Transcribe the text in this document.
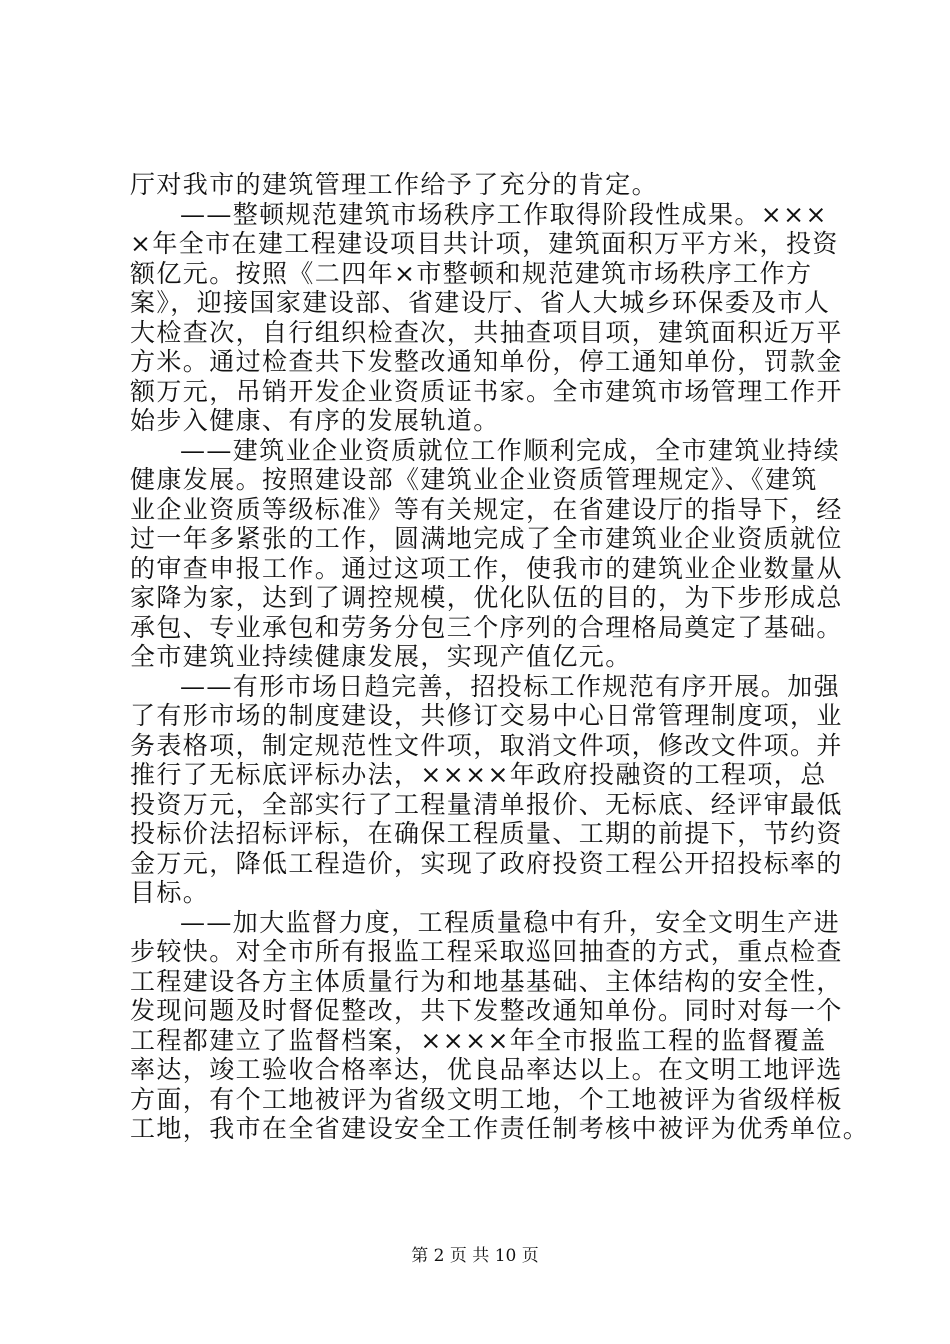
厅对我市的建筑管理工作给予了充分的肯定。
——整顿规范建筑市场秩序工作取得阶段性成果。×××
×年全市在建工程建设项目共计项，建筑面积万平方米，投资
额亿元。按照《二四年×市整顿和规范建筑市场秩序工作方
案》，迎接国家建设部、省建设厅、省人大城乡环保委及市人
大检查次，自行组织检查次，共抽查项目项，建筑面积近万平
方米。通过检查共下发整改通知单份，停工通知单份，罚款金
额万元，吊销开发企业资质证书家。全市建筑市场管理工作开
始步入健康、有序的发展轨道。
——建筑业企业资质就位工作顺利完成，全市建筑业持续
健康发展。按照建设部《建筑业企业资质管理规定》、《建筑
业企业资质等级标准》等有关规定，在省建设厅的指导下，经
过一年多紧张的工作，圆满地完成了全市建筑业企业资质就位
的审查申报工作。通过这项工作，使我市的建筑业企业数量从
家降为家，达到了调控规模，优化队伍的目的，为下步形成总
承包、专业承包和劳务分包三个序列的合理格局奠定了基础。
全市建筑业持续健康发展，实现产值亿元。
——有形市场日趋完善，招投标工作规范有序开展。加强
了有形市场的制度建设，共修订交易中心日常管理制度项，业
务表格项，制定规范性文件项，取消文件项，修改文件项。并
推行了无标底评标办法，××××年政府投融资的工程项，总
投资万元，全部实行了工程量清单报价、无标底、经评审最低
投标价法招标评标，在确保工程质量、工期的前提下，节约资
金万元，降低工程造价，实现了政府投资工程公开招投标率的
目标。
——加大监督力度，工程质量稳中有升，安全文明生产进
步较快。对全市所有报监工程采取巡回抽查的方式，重点检查
工程建设各方主体质量行为和地基基础、主体结构的安全性，
发现问题及时督促整改，共下发整改通知单份。同时对每一个
工程都建立了监督档案，××××年全市报监工程的监督覆盖
率达，竣工验收合格率达，优良品率达以上。在文明工地评选
方面，有个工地被评为省级文明工地，个工地被评为省级样板
工地，我市在全省建设安全工作责任制考核中被评为优秀单位。
第 2 页 共 10 页
